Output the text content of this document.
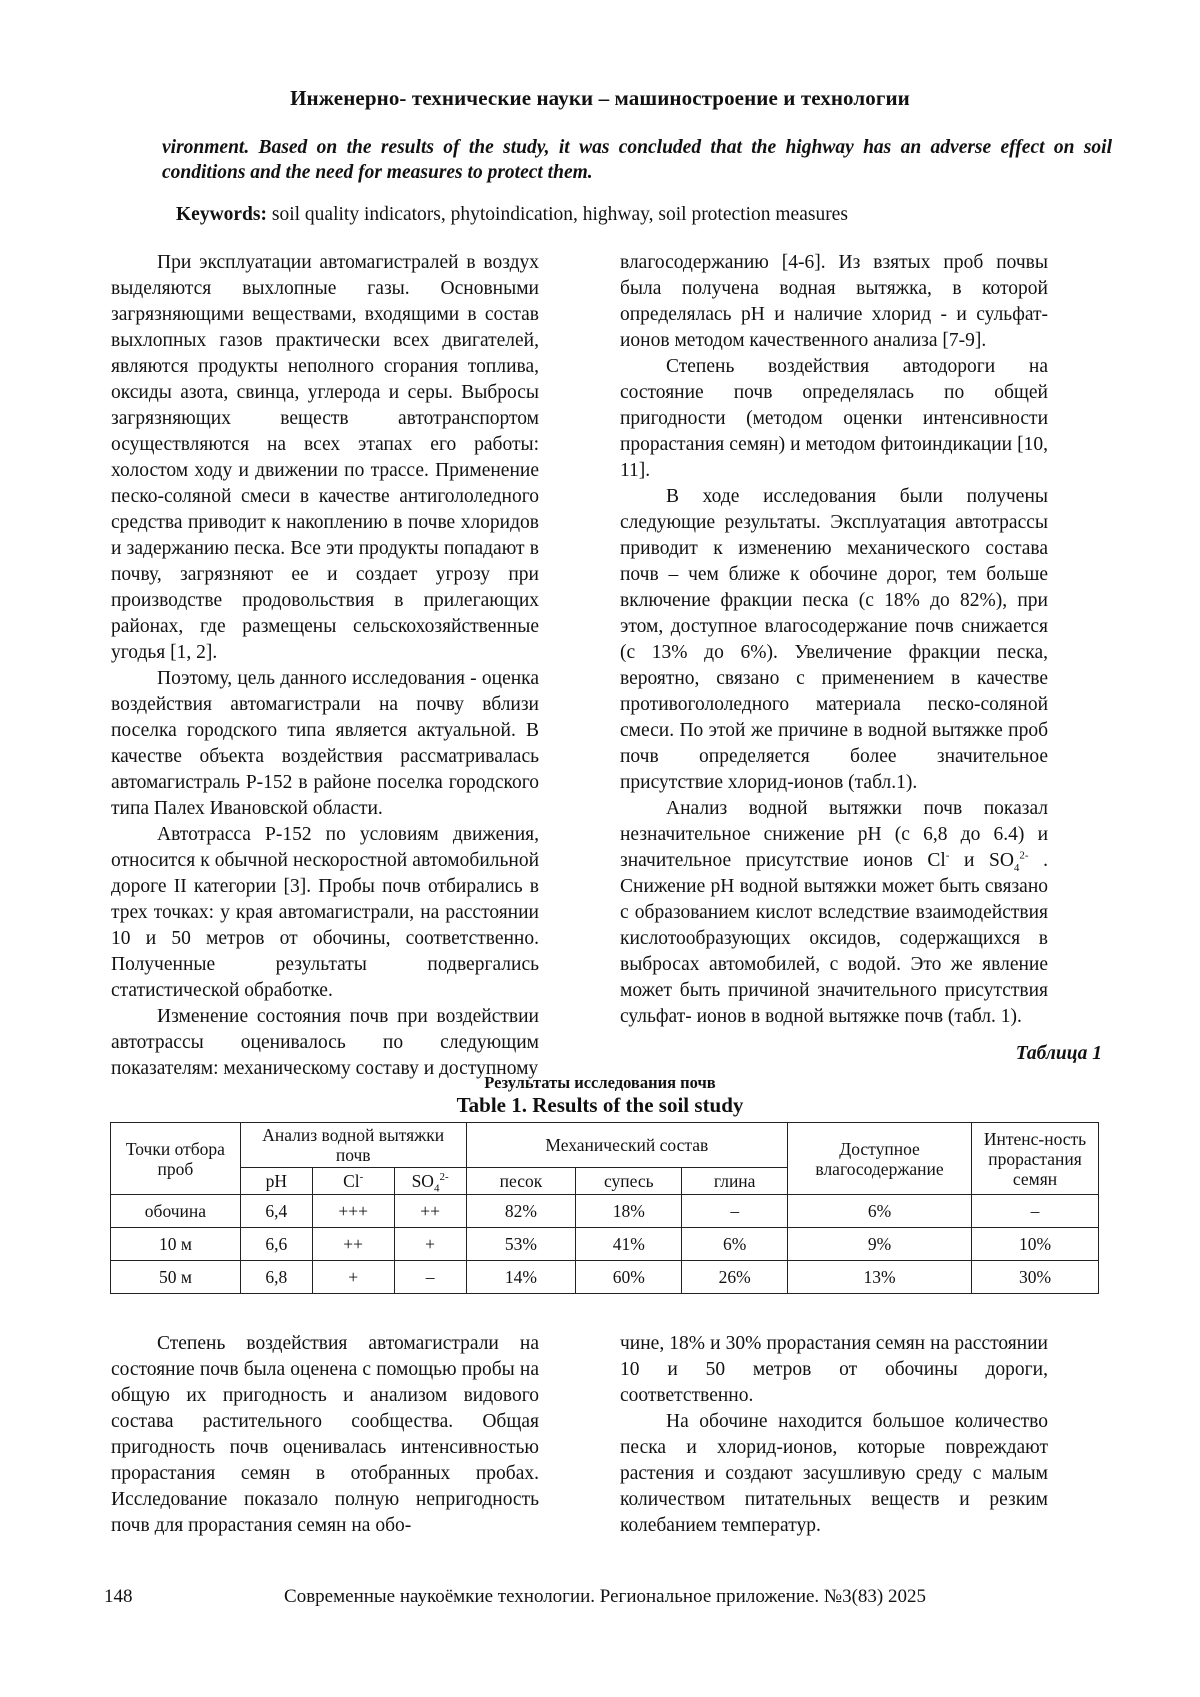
Инженерно- технические науки – машиностроение и технологии
vironment. Based on the results of the study, it was concluded that the highway has an adverse effect on soil conditions and the need for measures to protect them.
Keywords: soil quality indicators, phytoindication, highway, soil protection measures

При эксплуатации автомагистралей в воздух выделяются выхлопные газы. Основными загрязняющими веществами, входящими в состав выхлопных газов практически всех двигателей, являются продукты неполного сгорания топлива, оксиды азота, свинца, углерода и серы. Выбросы загрязняющих веществ автотранспортом осуществляются на всех этапах его работы: холостом ходу и движении по трассе. Применение песко-соляной смеси в качестве антигололедного средства приводит к накоплению в почве хлоридов и задержанию песка. Все эти продукты попадают в почву, загрязняют ее и создает угрозу при производстве продовольствия в прилегающих районах, где размещены сельскохозяйственные угодья [1, 2].

Поэтому, цель данного исследования - оценка воздействия автомагистрали на почву вблизи поселка городского типа является актуальной. В качестве объекта воздействия рассматривалась автомагистраль Р-152 в районе поселка городского типа Палех Ивановской области.

Автотрасса Р-152 по условиям движения, относится к обычной нескоростной автомобильной дороге II категории [3]. Пробы почв отбирались в трех точках: у края автомагистрали, на расстоянии 10 и 50 метров от обочины, соответственно. Полученные результаты подвергались статистической обработке.

Изменение состояния почв при воздействии автотрассы оценивалось по следующим показателям: механическому составу и доступному

влагосодержанию [4-6]. Из взятых проб почвы была получена водная вытяжка, в которой определялась pH и наличие хлорид - и сульфат- ионов методом качественного анализа [7-9].

Степень воздействия автодороги на состояние почв определялась по общей пригодности (методом оценки интенсивности прорастания семян) и методом фитоиндикации [10, 11].

В ходе исследования были получены следующие результаты. Эксплуатация автотрассы приводит к изменению механического состава почв – чем ближе к обочине дорог, тем больше включение фракции песка (с 18% до 82%), при этом, доступное влагосодержание почв снижается (с 13% до 6%). Увеличение фракции песка, вероятно, связано с применением в качестве противогололедного материала песко-соляной смеси. По этой же причине в водной вытяжке проб почв определяется более значительное присутствие хлорид-ионов (табл.1).

Анализ водной вытяжки почв показал незначительное снижение pH (с 6,8 до 6.4) и значительное присутствие ионов Cl- и $SO_4^{2-}$ . Снижение pH водной вытяжки может быть связано с образованием кислот вследствие взаимодействия кислотообразующих оксидов, содержащихся в выбросах автомобилей, с водой. Это же явление может быть причиной значительного присутствия сульфат- ионов в водной вытяжке почв (табл. 1).

Таблица 1
Результаты исследования почв
Table 1. Results of the soil study
Точки отбора проб	Анализ водной вытяжки почв			Механический состав			Доступное влагосодержание	Интенс-ность прорастания семян
	pH	Cl-	$SO_4^{2-}$	песок	супесь	глина		
обочина	6,4	+++	++	82%	18%	–	6%	–
10 м	6,6	++	+	53%	41%	6%	9%	10%
50 м	6,8	+	–	14%	60%	26%	13%	30%

Степень воздействия автомагистрали на состояние почв была оценена с помощью пробы на общую их пригодность и анализом видового состава растительного сообщества. Общая пригодность почв оценивалась интенсивностью прорастания семян в отобранных пробах. Исследование показало полную непригодность почв для прорастания семян на обо-

чине, 18% и 30% прорастания семян на расстоянии 10 и 50 метров от обочины дороги, соответственно.

На обочине находится большое количество песка и хлорид-ионов, которые повреждают растения и создают засушливую среду с малым количеством питательных веществ и резким колебанием температур.

148	Современные наукоёмкие технологии. Региональное приложение. №3(83) 2025
